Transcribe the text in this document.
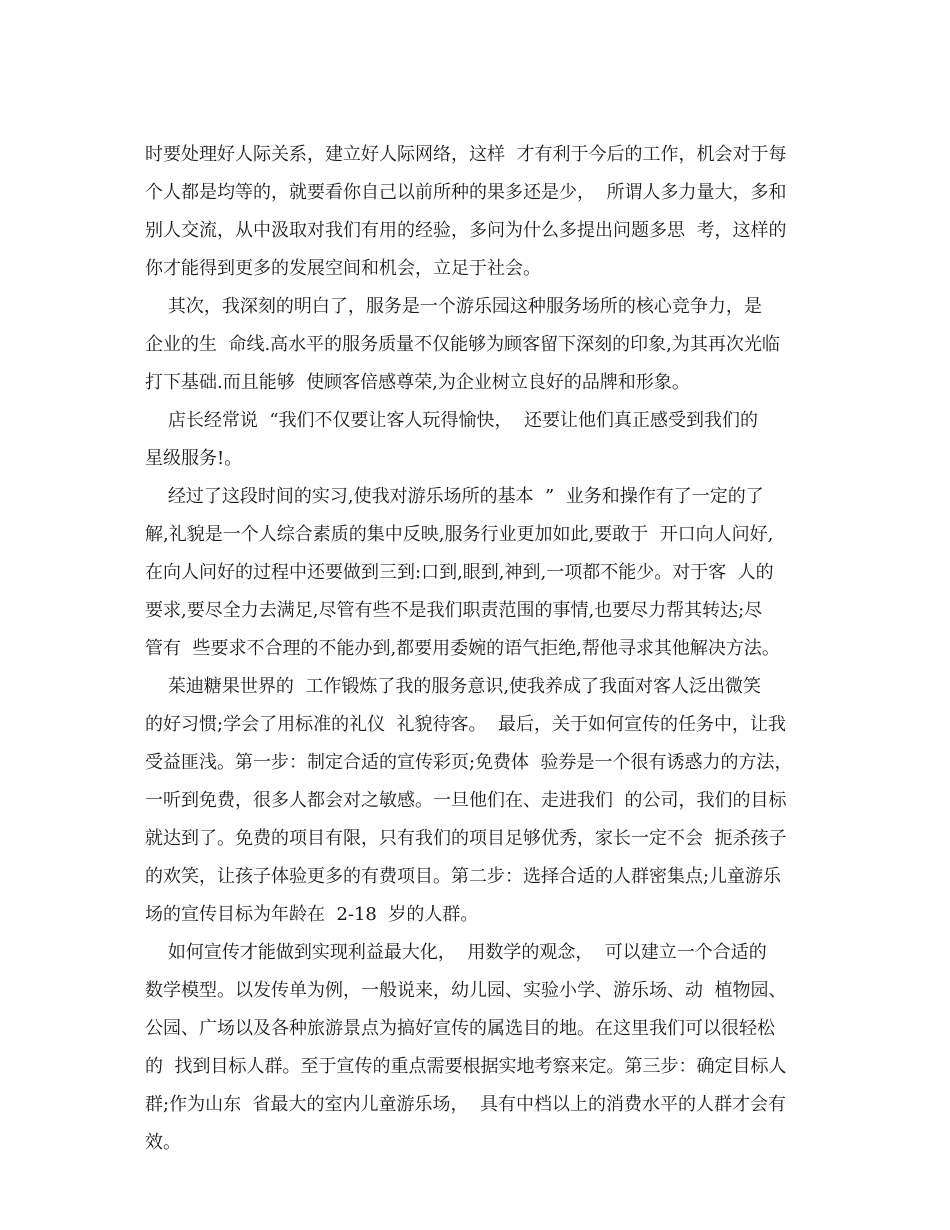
时要处理好人际关系，建立好人际网络，这样  才有利于今后的工作，机会对于每
个人都是均等的，就要看你自己以前所种的果多还是少，  所谓人多力量大，多和
别人交流，从中汲取对我们有用的经验，多问为什么多提出问题多思  考，这样的
你才能得到更多的发展空间和机会，立足于社会。
其次，我深刻的明白了，服务是一个游乐园这种服务场所的核心竞争力，是
企业的生  命线.高水平的服务质量不仅能够为顾客留下深刻的印象,为其再次光临
打下基础.而且能够  使顾客倍感尊荣,为企业树立良好的品牌和形象。
店长经常说  “我们不仅要让客人玩得愉快，  还要让他们真正感受到我们的
星级服务!。
经过了这段时间的实习,使我对游乐场所的基本  ”  业务和操作有了一定的了
解,礼貌是一个人综合素质的集中反映,服务行业更加如此,要敢于  开口向人问好,
在向人问好的过程中还要做到三到:口到,眼到,神到,一项都不能少。对于客  人的
要求,要尽全力去满足,尽管有些不是我们职责范围的事情,也要尽力帮其转达;尽
管有  些要求不合理的不能办到,都要用委婉的语气拒绝,帮他寻求其他解决方法。
茱迪糖果世界的  工作锻炼了我的服务意识,使我养成了我面对客人泛出微笑
的好习惯;学会了用标准的礼仪  礼貌待客。  最后，关于如何宣传的任务中，让我
受益匪浅。第一步：制定合适的宣传彩页;免费体  验券是一个很有诱惑力的方法，
一听到免费，很多人都会对之敏感。一旦他们在、走进我们  的公司，我们的目标
就达到了。免费的项目有限，只有我们的项目足够优秀，家长一定不会  扼杀孩子
的欢笑，让孩子体验更多的有费项目。第二步：选择合适的人群密集点;儿童游乐
场的宣传目标为年龄在  2-18  岁的人群。
如何宣传才能做到实现利益最大化，  用数学的观念，  可以建立一个合适的
数学模型。以发传单为例，一般说来，幼儿园、实验小学、游乐场、动  植物园、
公园、广场以及各种旅游景点为搞好宣传的属选目的地。在这里我们可以很轻松
的  找到目标人群。至于宣传的重点需要根据实地考察来定。第三步：确定目标人
群;作为山东  省最大的室内儿童游乐场，  具有中档以上的消费水平的人群才会有
效。
